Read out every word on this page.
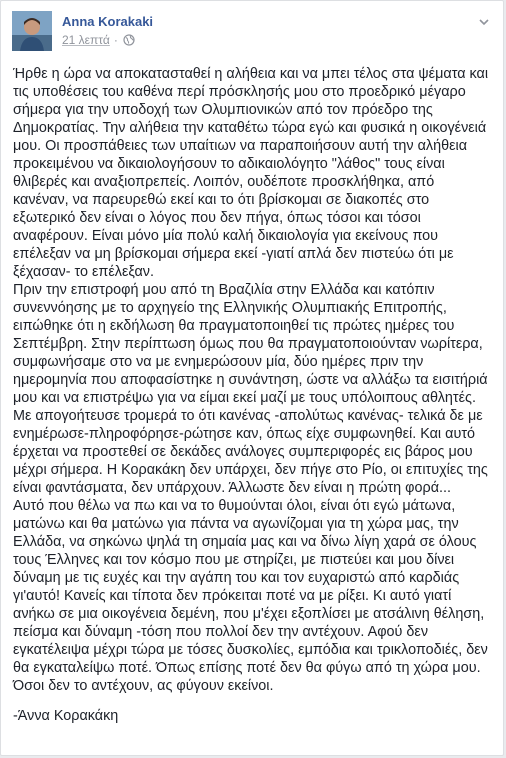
Anna Korakaki
21 λεπτά ·

Ήρθε η ώρα να αποκατασταθεί η αλήθεια και να μπει τέλος στα ψέματα και τις υποθέσεις του καθένα περί πρόσκλησής μου στο προεδρικό μέγαρο σήμερα για την υποδοχή των Ολυμπιονικών από τον πρόεδρο της Δημοκρατίας. Την αλήθεια την καταθέτω τώρα εγώ και φυσικά η οικογένειά μου. Οι προσπάθειες των υπαίτιων να παραποιήσουν αυτή την αλήθεια προκειμένου να δικαιολογήσουν το αδικαιολόγητο "λάθος" τους είναι θλιβερές και αναξιοπρεπείς. Λοιπόν, ουδέποτε προσκλήθηκα, από κανέναν, να παρευρεθώ εκεί και το ότι βρίσκομαι σε διακοπές στο εξωτερικό δεν είναι ο λόγος που δεν πήγα, όπως τόσοι και τόσοι αναφέρουν. Είναι μόνο μία πολύ καλή δικαιολογία για εκείνους που επέλεξαν να μη βρίσκομαι σήμερα εκεί -γιατί απλά δεν πιστεύω ότι με ξέχασαν- το επέλεξαν.

Πριν την επιστροφή μου από τη Βραζιλία στην Ελλάδα και κατόπιν συνεννόησης με το αρχηγείο της Ελληνικής Ολυμπιακής Επιτροπής, ειπώθηκε ότι η εκδήλωση θα πραγματοποιηθεί τις πρώτες ημέρες του Σεπτέμβρη. Στην περίπτωση όμως που θα πραγματοποιούνταν νωρίτερα, συμφωνήσαμε στο να με ενημερώσουν μία, δύο ημέρες πριν την ημερομηνία που αποφασίστηκε η συνάντηση, ώστε να αλλάξω τα εισιτήριά μου και να επιστρέψω για να είμαι εκεί μαζί με τους υπόλοιπους αθλητές. Με απογοήτευσε τρομερά το ότι κανένας -απολύτως κανένας- τελικά δε με ενημέρωσε-πληροφόρησε-ρώτησε καν, όπως είχε συμφωνηθεί. Και αυτό έρχεται να προστεθεί σε δεκάδες ανάλογες συμπεριφορές εις βάρος μου μέχρι σήμερα. Η Κορακάκη δεν υπάρχει, δεν πήγε στο Ρίο, οι επιτυχίες της είναι φαντάσματα, δεν υπάρχουν. Άλλωστε δεν είναι η πρώτη φορά...

Αυτό που θέλω να πω και να το θυμούνται όλοι, είναι ότι εγώ μάτωνα, ματώνω και θα ματώνω για πάντα να αγωνίζομαι για τη χώρα μας, την Ελλάδα, να σηκώνω ψηλά τη σημαία μας και να δίνω λίγη χαρά σε όλους τους Έλληνες και τον κόσμο που με στηρίζει, με πιστεύει και μου δίνει δύναμη με τις ευχές και την αγάπη του και τον ευχαριστώ από καρδιάς γι'αυτό! Κανείς και τίποτα δεν πρόκειται ποτέ να με ρίξει. Κι αυτό γιατί ανήκω σε μια οικογένεια δεμένη, που μ'έχει εξοπλίσει με ατσάλινη θέληση, πείσμα και δύναμη -τόση που πολλοί δεν την αντέχουν. Αφού δεν εγκατέλειψα μέχρι τώρα με τόσες δυσκολίες, εμπόδια και τρικλοποδιές, δεν θα εγκαταλείψω ποτέ. Όπως επίσης ποτέ δεν θα φύγω από τη χώρα μου. Όσοι δεν το αντέχουν, ας φύγουν εκείνοι.

-Άννα Κορακάκη
